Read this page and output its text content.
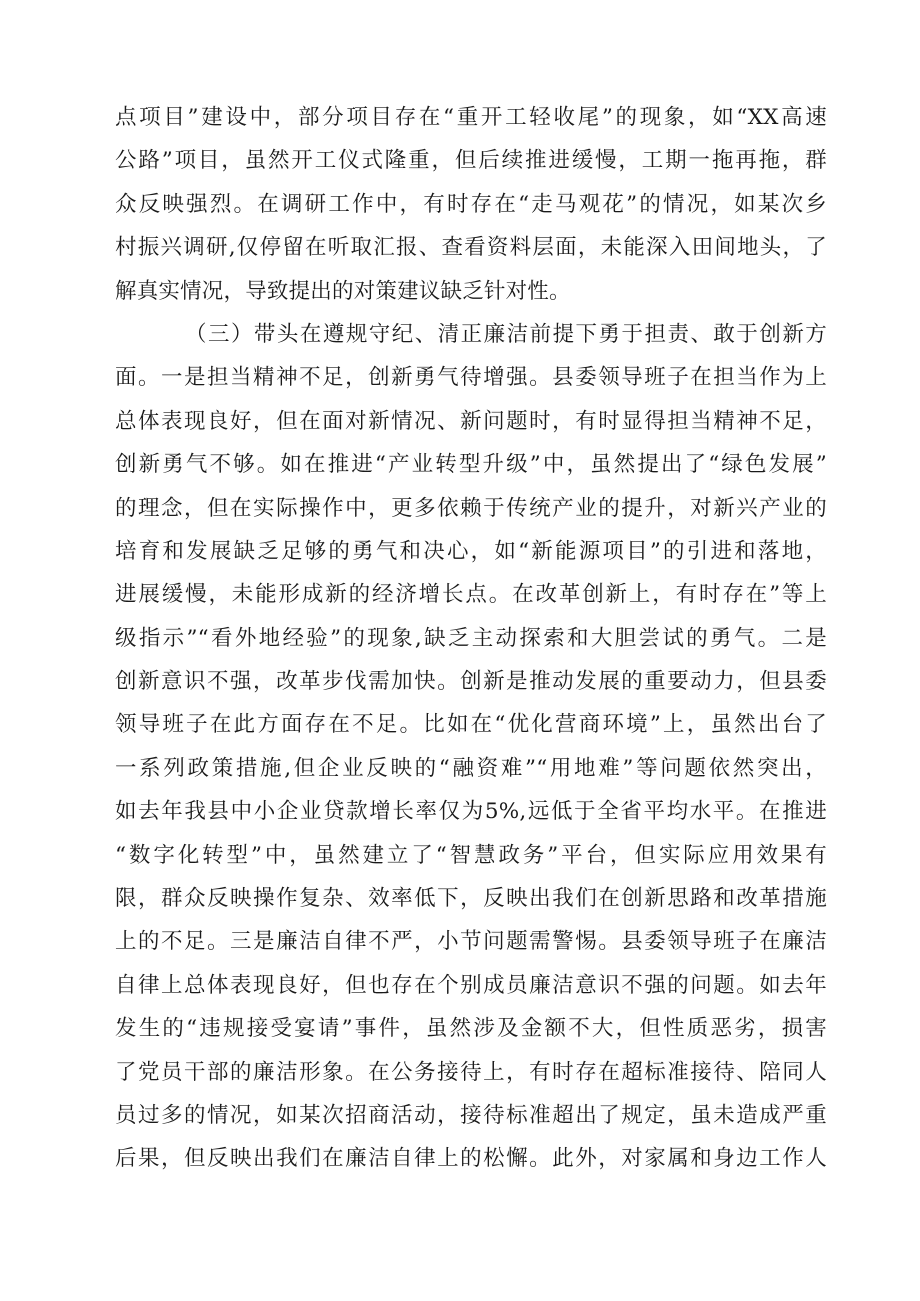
点项目”建设中，部分项目存在“重开工轻收尾”的现象，如“XX高速
公路”项目，虽然开工仪式隆重，但后续推进缓慢，工期一拖再拖，群
众反映强烈。在调研工作中，有时存在“走马观花”的情况，如某次乡
村振兴调研,仅停留在听取汇报、查看资料层面，未能深入田间地头，了
解真实情况，导致提出的对策建议缺乏针对性。
（三）带头在遵规守纪、清正廉洁前提下勇于担责、敢于创新方
面。一是担当精神不足，创新勇气待增强。县委领导班子在担当作为上
总体表现良好，但在面对新情况、新问题时，有时显得担当精神不足，
创新勇气不够。如在推进“产业转型升级”中，虽然提出了“绿色发展”
的理念，但在实际操作中，更多依赖于传统产业的提升，对新兴产业的
培育和发展缺乏足够的勇气和决心，如“新能源项目”的引进和落地，
进展缓慢，未能形成新的经济增长点。在改革创新上，有时存在”等上
级指示”“看外地经验”的现象,缺乏主动探索和大胆尝试的勇气。二是
创新意识不强，改革步伐需加快。创新是推动发展的重要动力，但县委
领导班子在此方面存在不足。比如在“优化营商环境”上，虽然出台了
一系列政策措施,但企业反映的“融资难”“用地难”等问题依然突出，
如去年我县中小企业贷款增长率仅为5%,远低于全省平均水平。在推进
“数字化转型”中，虽然建立了“智慧政务”平台，但实际应用效果有
限，群众反映操作复杂、效率低下，反映出我们在创新思路和改革措施
上的不足。三是廉洁自律不严，小节问题需警惕。县委领导班子在廉洁
自律上总体表现良好，但也存在个别成员廉洁意识不强的问题。如去年
发生的“违规接受宴请”事件，虽然涉及金额不大，但性质恶劣，损害
了党员干部的廉洁形象。在公务接待上，有时存在超标准接待、陪同人
员过多的情况，如某次招商活动，接待标准超出了规定，虽未造成严重
后果，但反映出我们在廉洁自律上的松懈。此外，对家属和身边工作人
